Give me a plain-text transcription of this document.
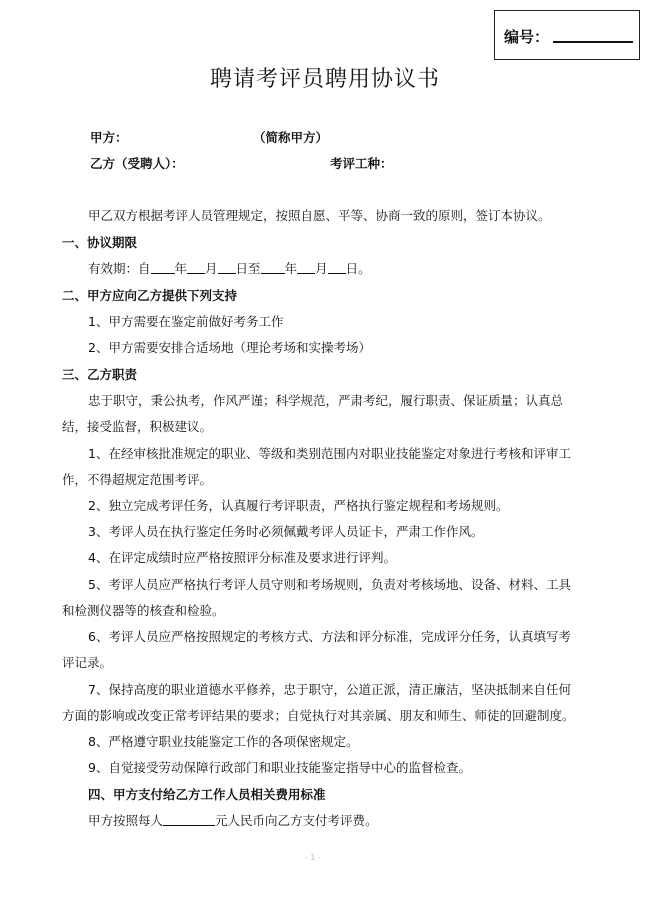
编号：
聘请考评员聘用协议书
甲方：	（简称甲方）
乙方（受聘人）：	考评工种：
甲乙双方根据考评人员管理规定，按照自愿、平等、协商一致的原则，签订本协议。
一、协议期限
有效期：自 年 月 日至 年 月 日。
二、甲方应向乙方提供下列支持
1、甲方需要在鉴定前做好考务工作
2、甲方需要安排合适场地（理论考场和实操考场）
三、乙方职责
忠于职守，秉公执考，作风严谨；科学规范，严肃考纪，履行职责、保证质量；认真总
结，接受监督，积极建议。
1、在经审核批准规定的职业、等级和类别范围内对职业技能鉴定对象进行考核和评审工
作，不得超规定范围考评。
2、独立完成考评任务，认真履行考评职责，严格执行鉴定规程和考场规则。
3、考评人员在执行鉴定任务时必须佩戴考评人员证卡，严肃工作作风。
4、在评定成绩时应严格按照评分标准及要求进行评判。
5、考评人员应严格执行考评人员守则和考场规则，负责对考核场地、设备、材料、工具
和检测仪器等的核查和检验。
6、考评人员应严格按照规定的考核方式、方法和评分标准，完成评分任务，认真填写考
评记录。
7、保持高度的职业道德水平修养，忠于职守，公道正派，清正廉洁，坚决抵制来自任何
方面的影响或改变正常考评结果的要求；自觉执行对其亲属、朋友和师生、师徒的回避制度。
8、严格遵守职业技能鉴定工作的各项保密规定。
9、自觉接受劳动保障行政部门和职业技能鉴定指导中心的监督检查。
四、甲方支付给乙方工作人员相关费用标准
甲方按照每人	元人民币向乙方支付考评费。
- 1 -
